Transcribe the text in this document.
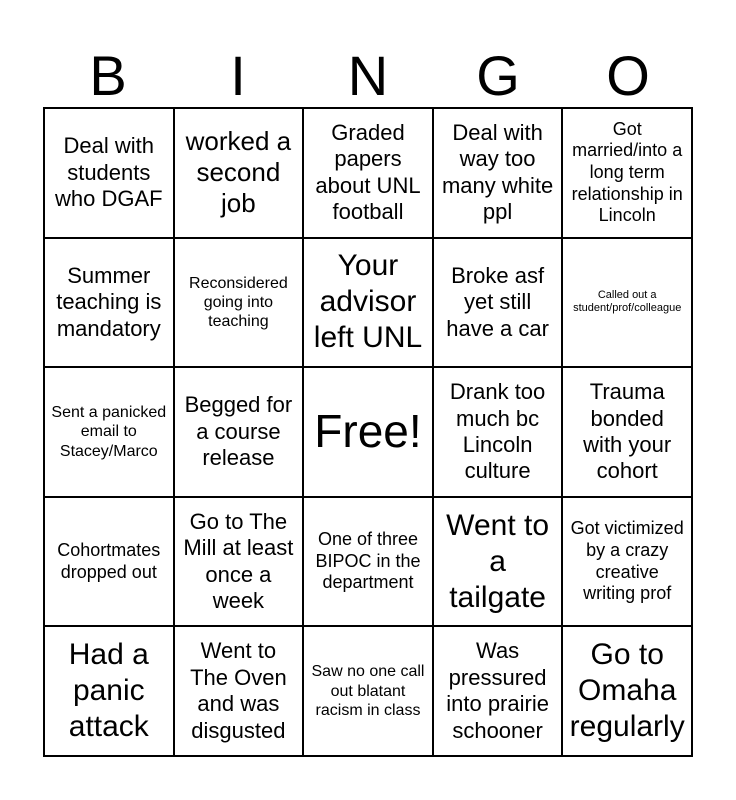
B	I	N	G	O
Deal with students who DGAF
worked a second job
Graded papers about UNL football
Deal with way too many white ppl
Got married/into a long term relationship in Lincoln
Summer teaching is mandatory
Reconsidered going into teaching
Your advisor left UNL
Broke asf yet still have a car
Called out a student/prof/colleague
Sent a panicked email to Stacey/Marco
Begged for a course release
Free!
Drank too much bc Lincoln culture
Trauma bonded with your cohort
Cohortmates dropped out
Go to The Mill at least once a week
One of three BIPOC in the department
Went to a tailgate
Got victimized by a crazy creative writing prof
Had a panic attack
Went to The Oven and was disgusted
Saw no one call out blatant racism in class
Was pressured into prairie schooner
Go to Omaha regularly
